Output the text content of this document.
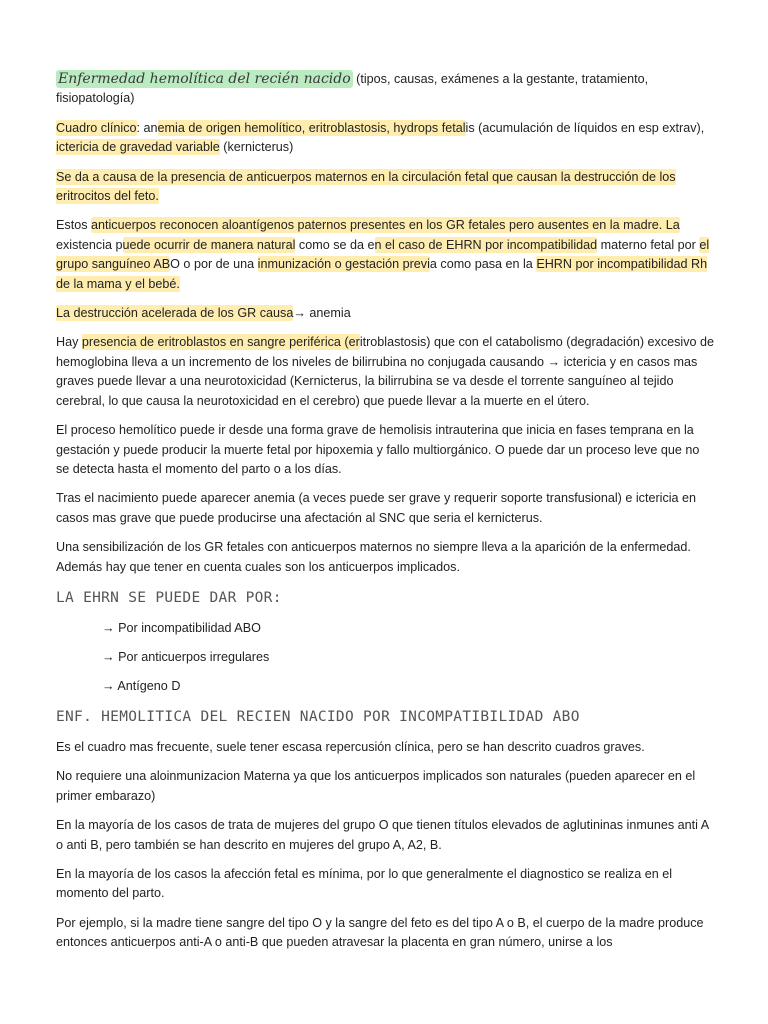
Enfermedad hemolítica del recién nacido (tipos, causas, exámenes a la gestante, tratamiento, fisiopatología)

Cuadro clínico: anemia de origen hemolítico, eritroblastosis, hydrops fetalis (acumulación de líquidos en esp extrav), ictericia de gravedad variable (kernicterus)

Se da a causa de la presencia de anticuerpos maternos en la circulación fetal que causan la destrucción de los eritrocitos del feto.

Estos anticuerpos reconocen aloantígenos paternos presentes en los GR fetales pero ausentes en la madre. La existencia puede ocurrir de manera natural como se da en el caso de EHRN por incompatibilidad materno fetal por el grupo sanguíneo ABO o por de una inmunización o gestación previa como pasa en la EHRN por incompatibilidad Rh de la mama y el bebé.

La destrucción acelerada de los GR causa→ anemia

Hay presencia de eritroblastos en sangre periférica (eritroblastosis) que con el catabolismo (degradación) excesivo de hemoglobina lleva a un incremento de los niveles de bilirrubina no conjugada causando → ictericia y en casos mas graves puede llevar a una neurotoxicidad (Kernicterus, la bilirrubina se va desde el torrente sanguíneo al tejido cerebral, lo que causa la neurotoxicidad en el cerebro) que puede llevar a la muerte en el útero.

El proceso hemolítico puede ir desde una forma grave de hemolisis intrauterina que inicia en fases temprana en la gestación y puede producir la muerte fetal por hipoxemia y fallo multiorgánico. O puede dar un proceso leve que no se detecta hasta el momento del parto o a los días.

Tras el nacimiento puede aparecer anemia (a veces puede ser grave y requerir soporte transfusional) e ictericia en casos mas grave que puede producirse una afectación al SNC que seria el kernicterus.

Una sensibilización de los GR fetales con anticuerpos maternos no siempre lleva a la aparición de la enfermedad. Además hay que tener en cuenta cuales son los anticuerpos implicados.

LA EHRN SE PUEDE DAR POR:
→ Por incompatibilidad ABO
→ Por anticuerpos irregulares
→ Antígeno D
ENF. HEMOLITICA DEL RECIEN NACIDO POR INCOMPATIBILIDAD ABO

Es el cuadro mas frecuente, suele tener escasa repercusión clínica, pero se han descrito cuadros graves.

No requiere una aloinmunizacion Materna ya que los anticuerpos implicados son naturales (pueden aparecer en el primer embarazo)

En la mayoría de los casos de trata de mujeres del grupo O que tienen títulos elevados de aglutininas inmunes anti A o anti B, pero también se han descrito en mujeres del grupo A, A2, B.

En la mayoría de los casos la afección fetal es mínima, por lo que generalmente el diagnostico se realiza en el momento del parto.

Por ejemplo, si la madre tiene sangre del tipo O y la sangre del feto es del tipo A o B, el cuerpo de la madre produce entonces anticuerpos anti-A o anti-B que pueden atravesar la placenta en gran número, unirse a los
